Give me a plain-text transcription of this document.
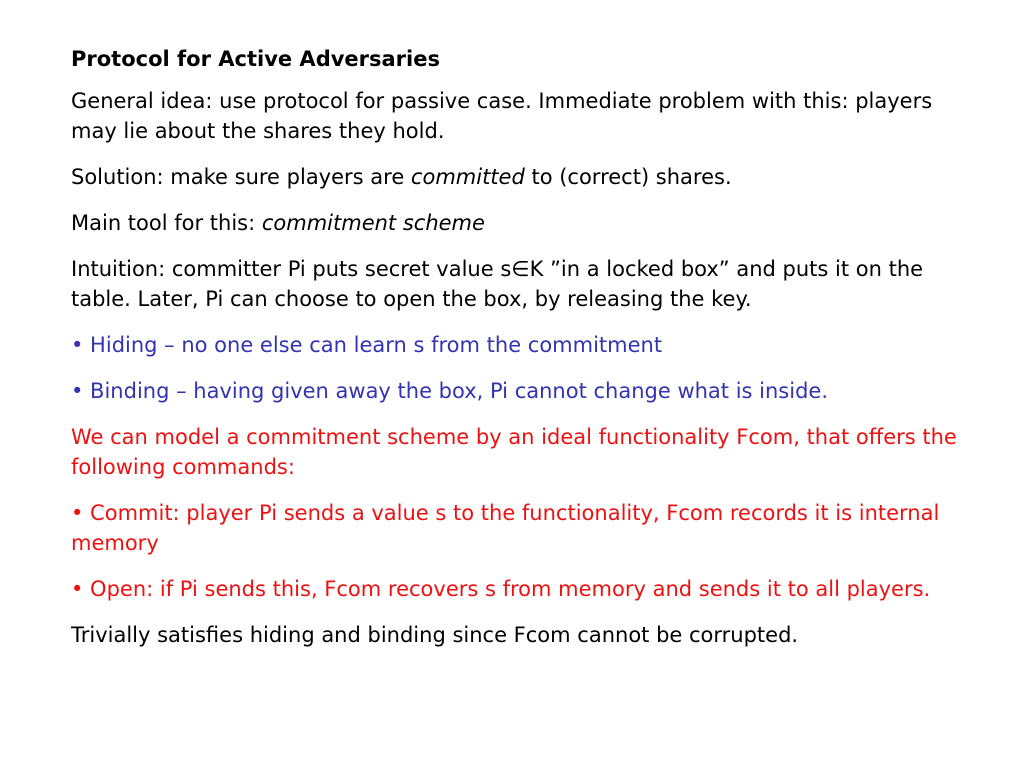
Protocol for Active Adversaries
General idea: use protocol for passive case. Immediate problem with this: players may lie about the shares they hold.
Solution: make sure players are committed to (correct) shares.
Main tool for this: commitment scheme
Intuition: committer Pi puts secret value s∈K ”in a locked box” and puts it on the table. Later, Pi can choose to open the box, by releasing the key.
• Hiding – no one else can learn s from the commitment
• Binding – having given away the box, Pi cannot change what is inside.
We can model a commitment scheme by an ideal functionality Fcom, that offers the following commands:
• Commit: player Pi sends a value s to the functionality, Fcom records it is internal memory
• Open: if Pi sends this, Fcom recovers s from memory and sends it to all players.
Trivially satisfies hiding and binding since Fcom cannot be corrupted.
